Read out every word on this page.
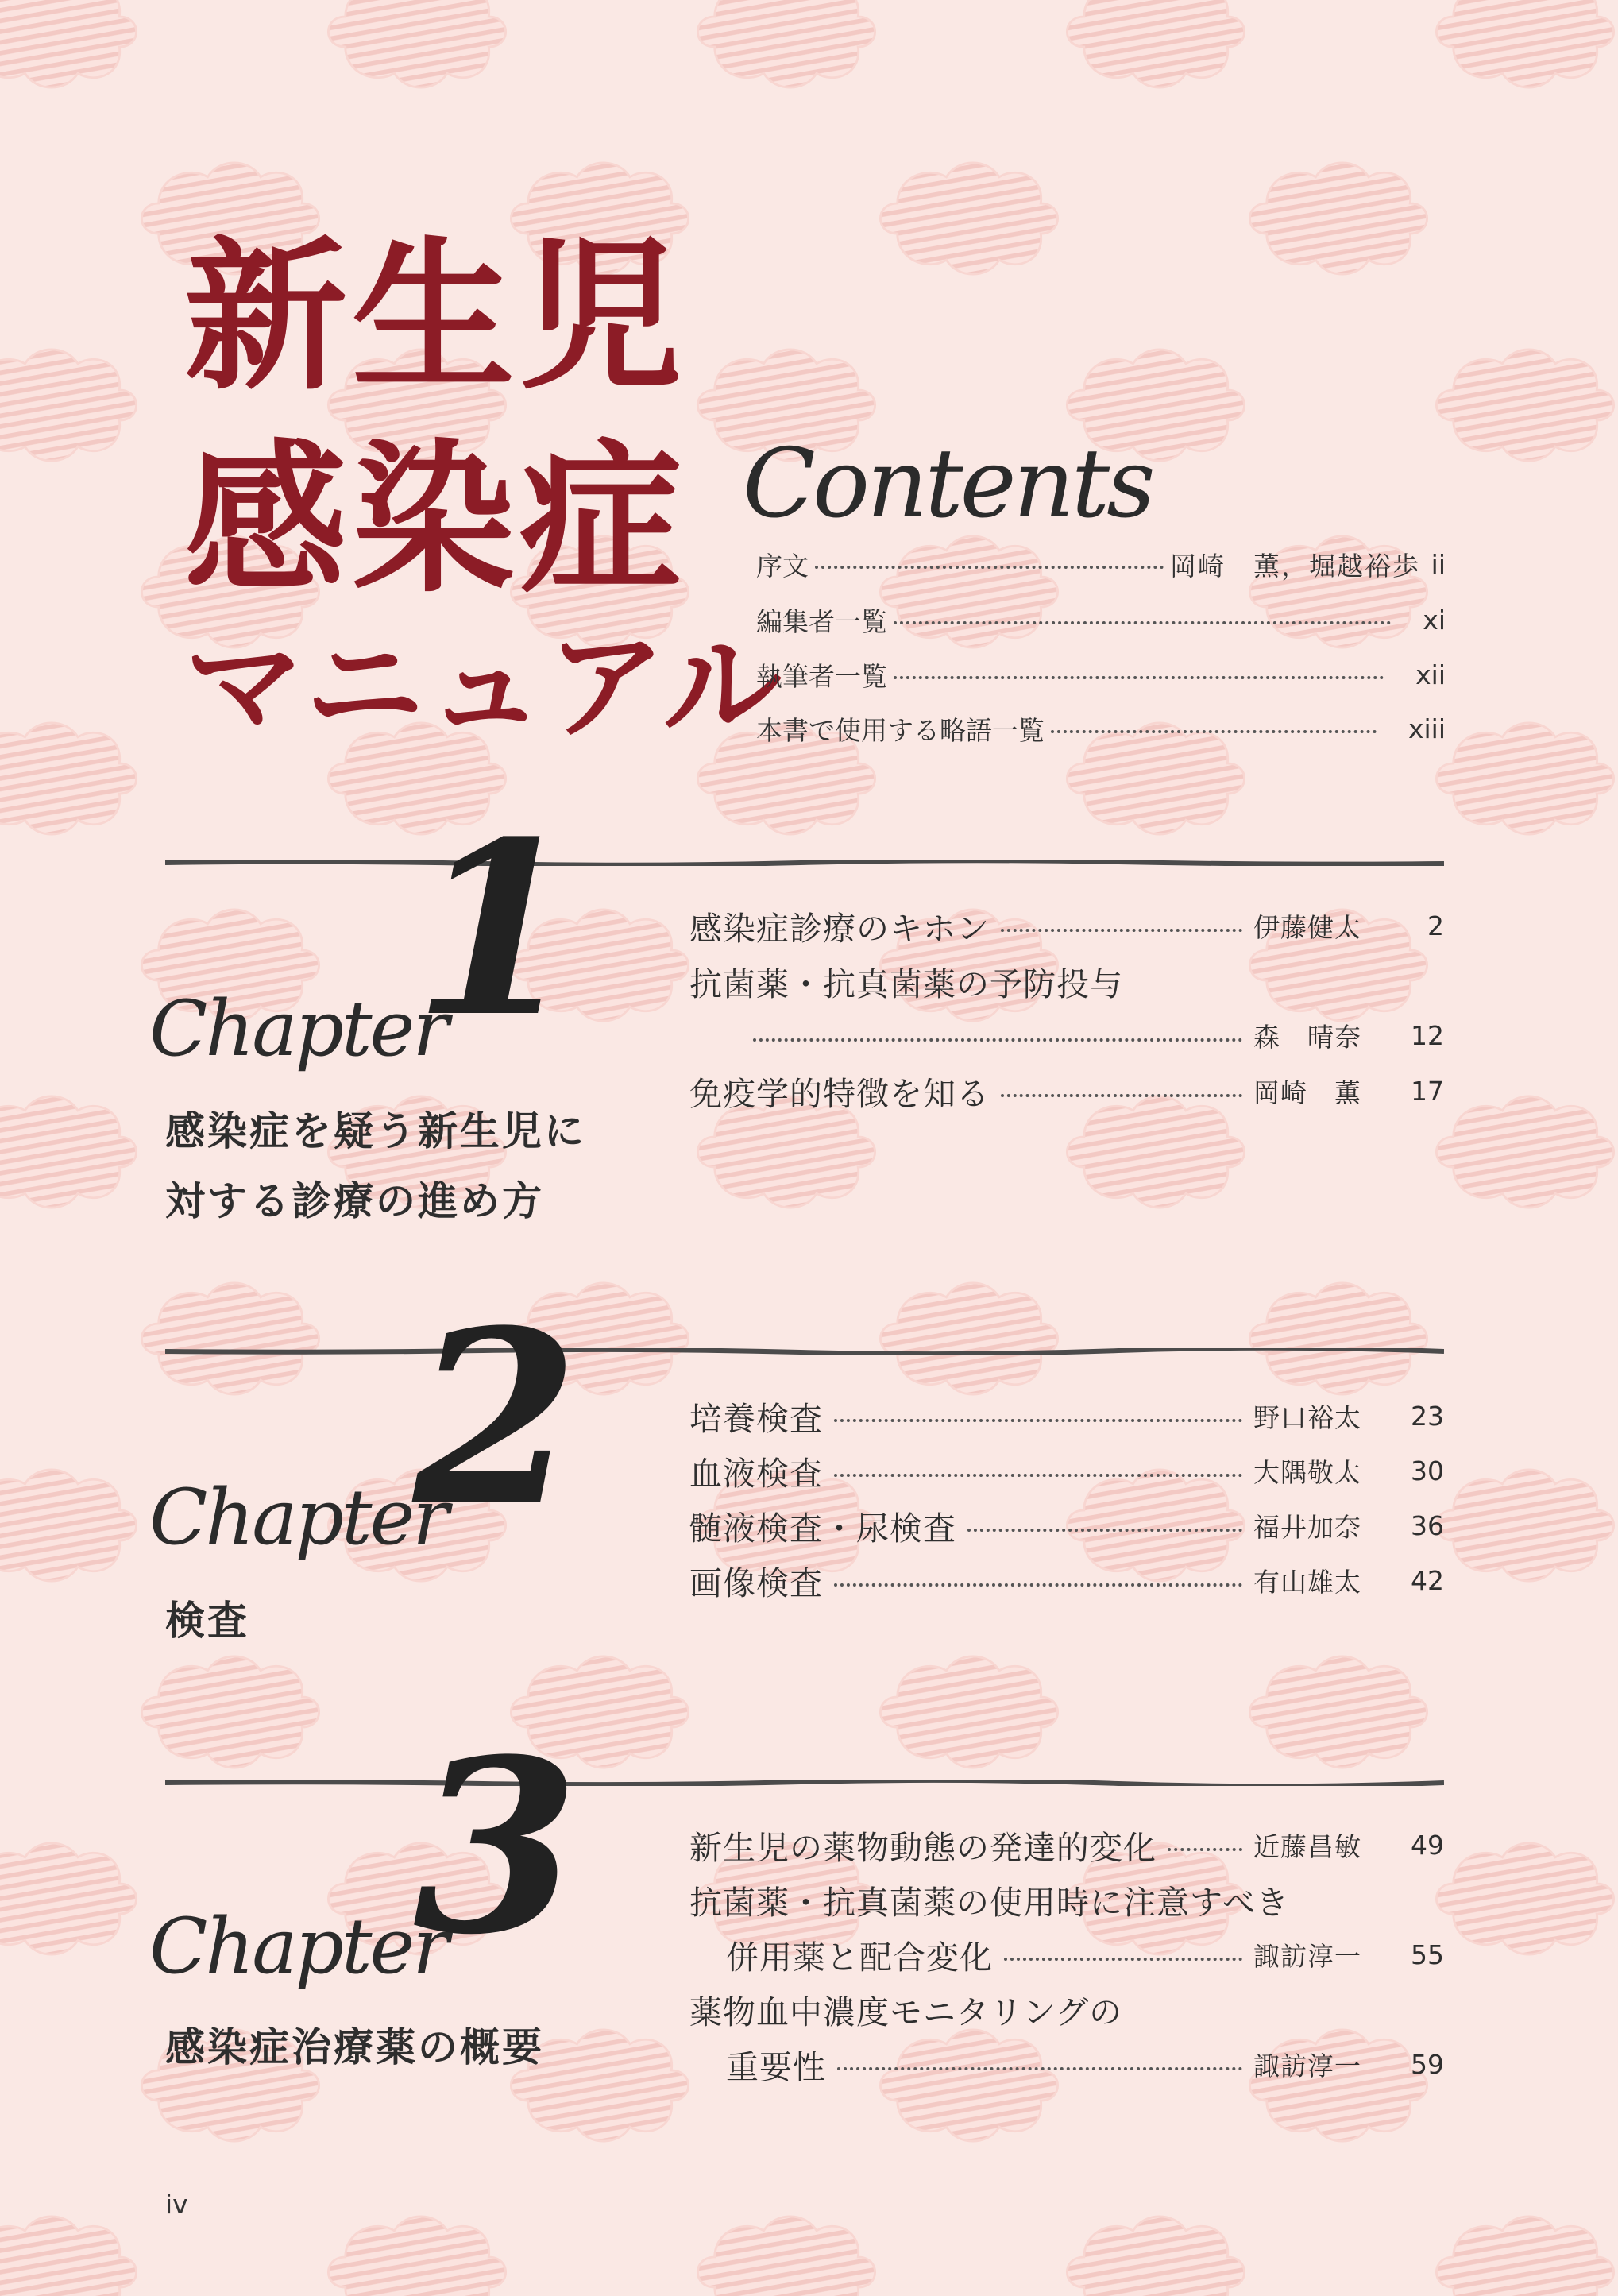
新生児
感染症
マニュアル
Contents
序文	岡崎　薫，堀越裕歩 ii
編集者一覧	xi
執筆者一覧	xii
本書で使用する略語一覧	xiii
Chapter
1
感染症を疑う新生児に
対する診療の進め方
感染症診療のキホン	伊藤健太	2
抗菌薬・抗真菌薬の予防投与
森　晴奈	12
免疫学的特徴を知る	岡崎　薫	17
Chapter
2
検査
培養検査	野口裕太	23
血液検査	大隅敬太	30
髄液検査・尿検査	福井加奈	36
画像検査	有山雄太	42
Chapter
3
感染症治療薬の概要
新生児の薬物動態の発達的変化	近藤昌敏	49
抗菌薬・抗真菌薬の使用時に注意すべき
併用薬と配合変化	諏訪淳一	55
薬物血中濃度モニタリングの
重要性	諏訪淳一	59
iv
